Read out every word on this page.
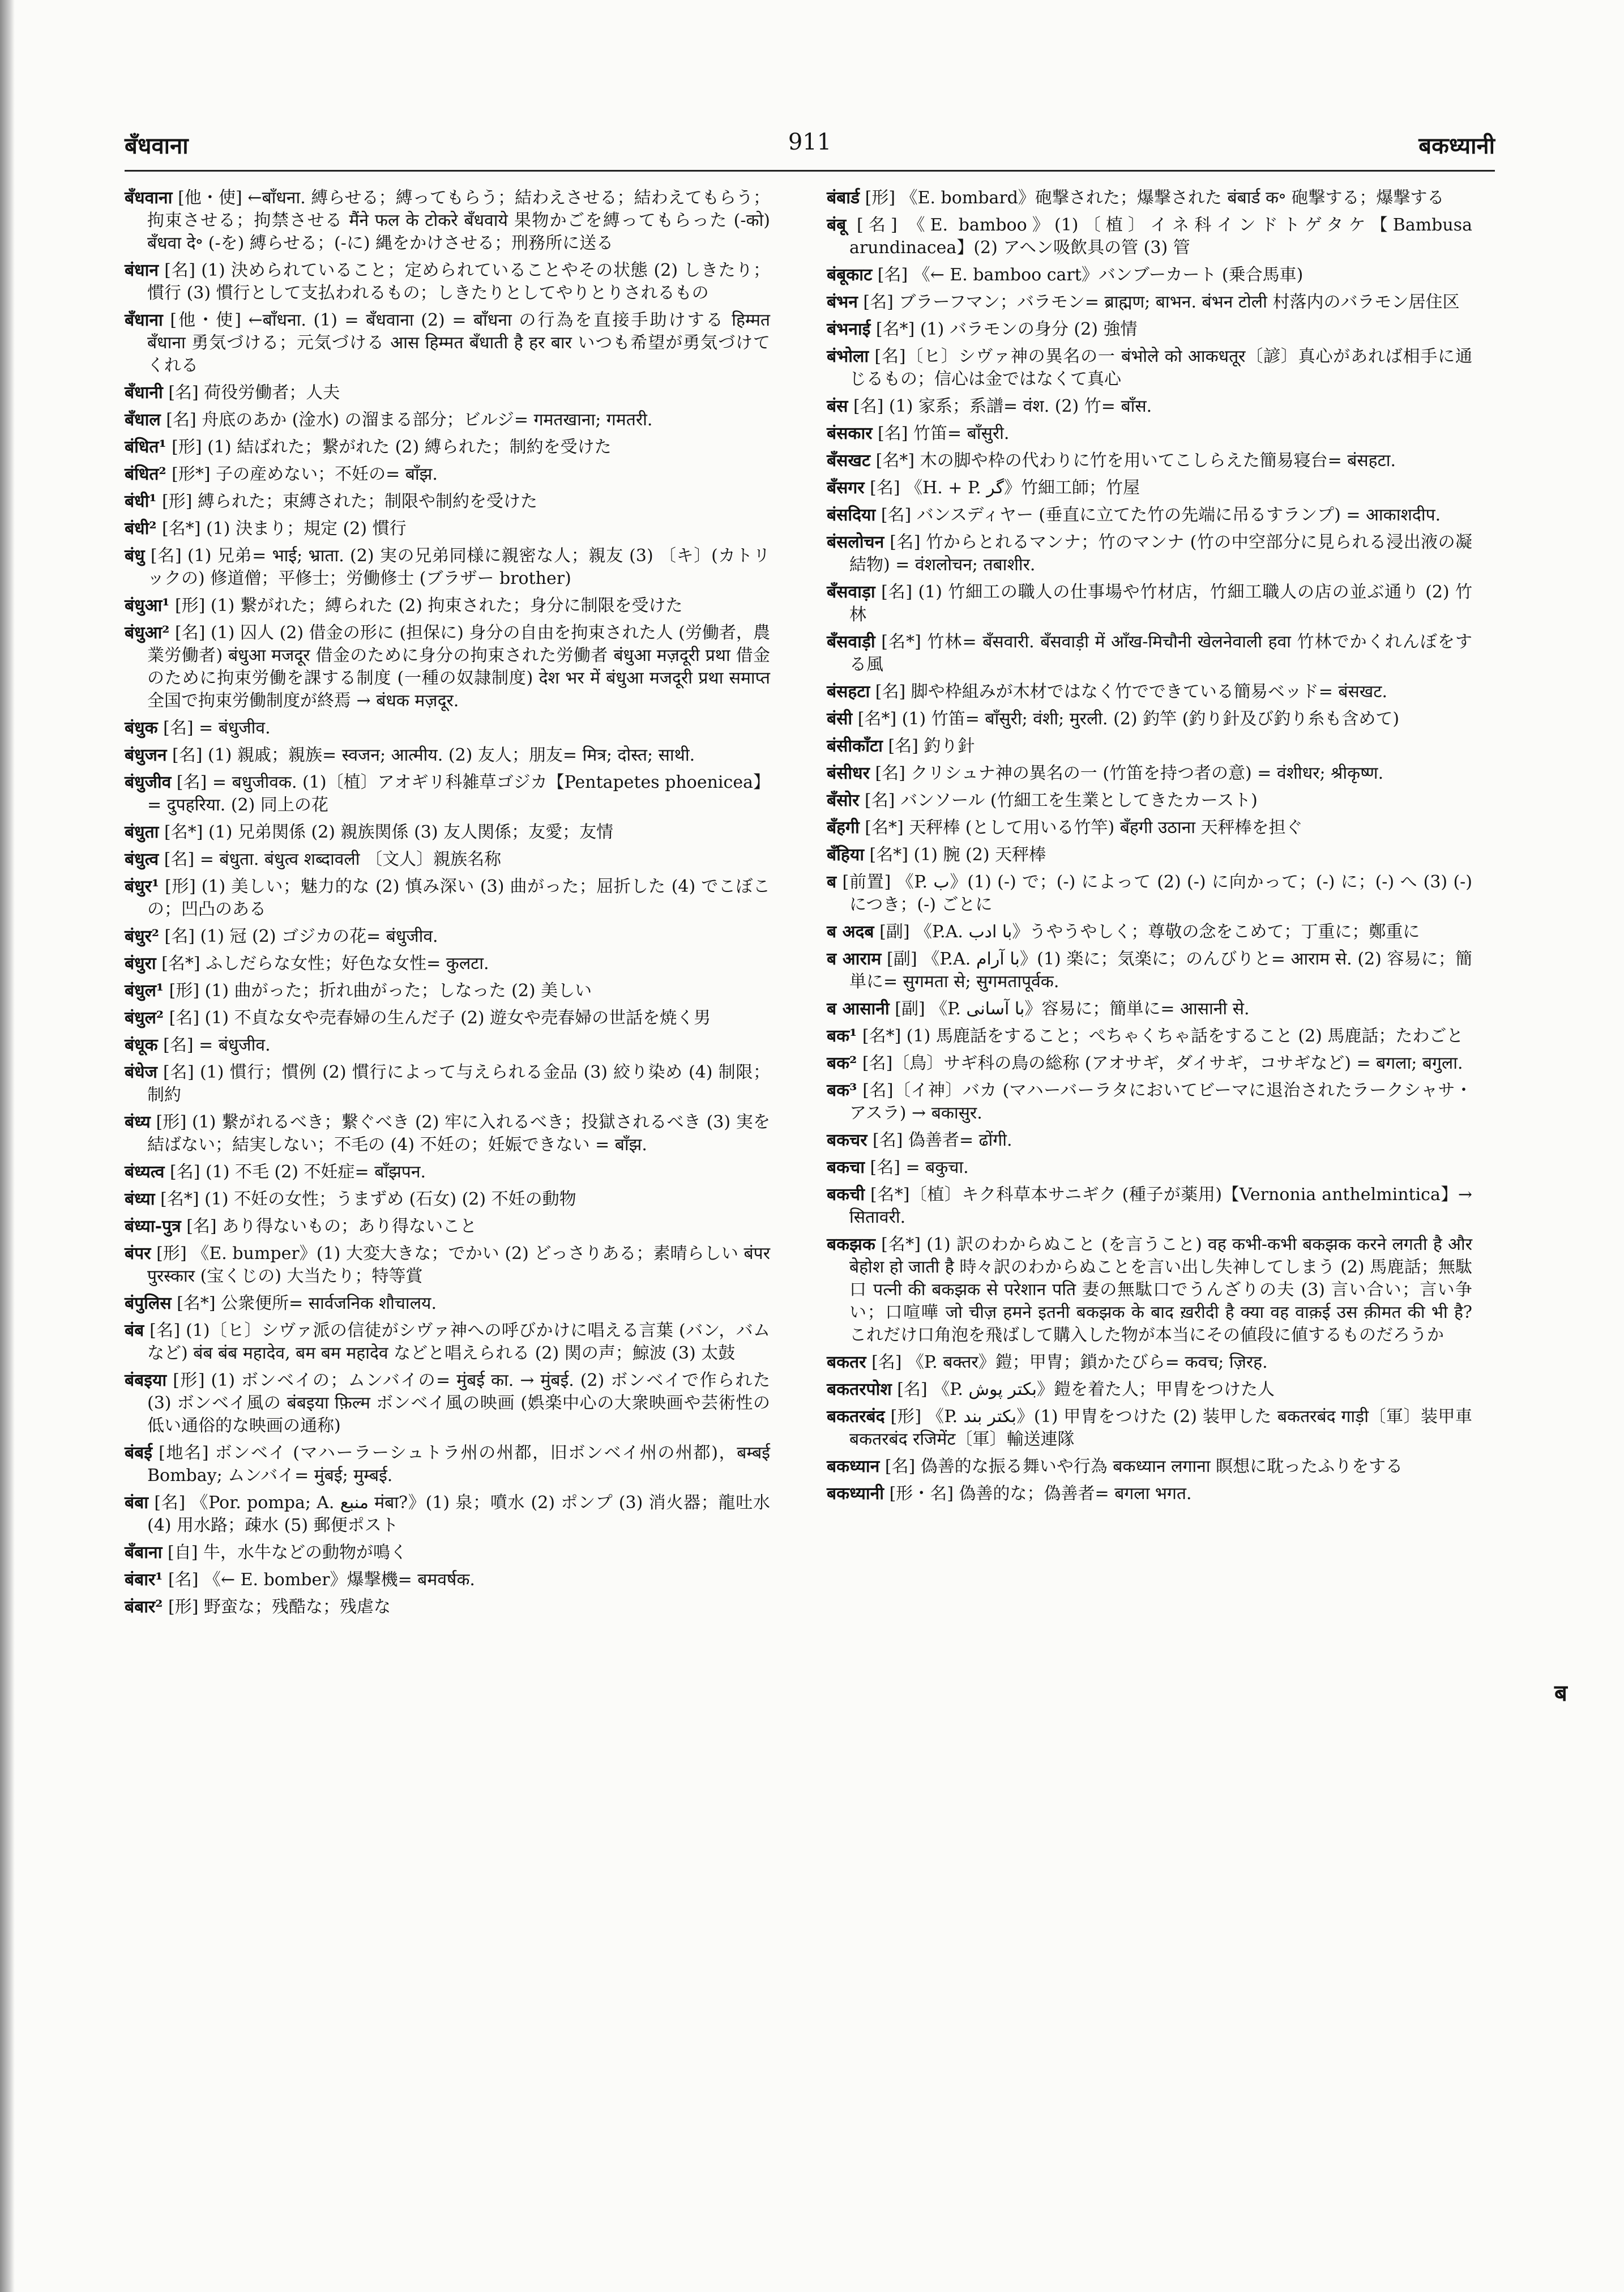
बँधवाना	911	बकध्यानी

बँधवाना [他・使] ←बाँधना. 縛らせる；縛ってもらう；結わえさせる；結わえてもらう；拘束させる；拘禁させる मैंने फल के टोकरे बँधवाये 果物かごを縛ってもらった (-को) बँधवा दे॰ (-を) 縛らせる；(-に) 縄をかけさせる；刑務所に送る

बंधान [名] (1) 決められていること；定められていることやその状態 (2) しきたり；慣行 (3) 慣行として支払われるもの；しきたりとしてやりとりされるもの

बँधाना [他・使] ←बाँधना. (1) = बँधवाना (2) = बाँधना の行為を直接手助けする हिम्मत बँधाना 勇気づける；元気づける आस हिम्मत बँधाती है हर बार いつも希望が勇気づけてくれる

बँधानी [名] 荷役労働者；人夫

बँधाल [名] 舟底のあか (淦水) の溜まる部分；ビルジ= गमतखाना; गमतरी.

बंधित¹ [形] (1) 結ばれた；繋がれた (2) 縛られた；制約を受けた

बंधित² [形*] 子の産めない；不妊の= बाँझ.

बंधी¹ [形] 縛られた；束縛された；制限や制約を受けた

बंधी² [名*] (1) 決まり；規定 (2) 慣行

बंधु [名] (1) 兄弟= भाई; भ्राता. (2) 実の兄弟同様に親密な人；親友 (3) 〔キ〕(カトリックの) 修道僧；平修士；労働修士 (ブラザー brother)

बंधुआ¹ [形] (1) 繋がれた；縛られた (2) 拘束された；身分に制限を受けた

बंधुआ² [名] (1) 囚人 (2) 借金の形に (担保に) 身分の自由を拘束された人 (労働者，農業労働者) बंधुआ मजदूर 借金のために身分の拘束された労働者 बंधुआ मज़दूरी प्रथा 借金のために拘束労働を課する制度 (一種の奴隷制度) देश भर में बंधुआ मजदूरी प्रथा समाप्त 全国で拘束労働制度が終焉 → बंधक मज़दूर.

बंधुक [名] = बंधुजीव.

बंधुजन [名] (1) 親戚；親族= स्वजन; आत्मीय. (2) 友人；朋友= मित्र; दोस्त; साथी.

बंधुजीव [名] = बधुजीवक. (1)〔植〕アオギリ科雑草ゴジカ【Pentapetes phoenicea】= दुपहरिया. (2) 同上の花

बंधुता [名*] (1) 兄弟関係 (2) 親族関係 (3) 友人関係；友愛；友情

बंधुत्व [名] = बंधुता. बंधुत्व शब्दावली 〔文人〕親族名称

बंधुर¹ [形] (1) 美しい；魅力的な (2) 慎み深い (3) 曲がった；屈折した (4) でこぼこの；凹凸のある

बंधुर² [名] (1) 冠 (2) ゴジカの花= बंधुजीव.

बंधुरा [名*] ふしだらな女性；好色な女性= कुलटा.

बंधुल¹ [形] (1) 曲がった；折れ曲がった；しなった (2) 美しい

बंधुल² [名] (1) 不貞な女や売春婦の生んだ子 (2) 遊女や売春婦の世話を焼く男

बंधूक [名] = बंधुजीव.

बंधेज [名] (1) 慣行；慣例 (2) 慣行によって与えられる金品 (3) 絞り染め (4) 制限；制約

बंध्य [形] (1) 繋がれるべき；繋ぐべき (2) 牢に入れるべき；投獄されるべき (3) 実を結ばない；結実しない；不毛の (4) 不妊の；妊娠できない = बाँझ.

बंध्यत्व [名] (1) 不毛 (2) 不妊症= बाँझपन.

बंध्या [名*] (1) 不妊の女性；うまずめ (石女) (2) 不妊の動物

बंध्या-पुत्र [名] あり得ないもの；あり得ないこと

बंपर [形] 《E. bumper》(1) 大変大きな；でかい (2) どっさりある；素晴らしい बंपर पुरस्कार (宝くじの) 大当たり；特等賞

बंपुलिस [名*] 公衆便所= सार्वजनिक शौचालय.

बंब [名] (1)〔ヒ〕シヴァ派の信徒がシヴァ神への呼びかけに唱える言葉 (バン，バムなど) बंब बंब महादेव, बम बम महादेव などと唱えられる (2) 関の声；鯨波 (3) 太鼓

बंबइया [形] (1) ボンベイの；ムンバイの= मुंबई का. → मुंबई. (2) ボンベイで作られた (3) ボンベイ風の बंबइया फ़िल्म ボンベイ風の映画 (娯楽中心の大衆映画や芸術性の低い通俗的な映画の通称)

बंबई [地名] ボンベイ (マハーラーシュトラ州の州都，旧ボンベイ州の州都)，बम्बई Bombay; ムンバイ= मुंबई; मुम्बई.

बंबा [名] 《Por. pompa; A. منبع मंबा?》(1) 泉；噴水 (2) ポンプ (3) 消火器；龍吐水 (4) 用水路；疎水 (5) 郵便ポスト

बँबाना [自] 牛，水牛などの動物が鳴く

बंबार¹ [名] 《← E. bomber》爆撃機= बमवर्षक.

बंबार² [形] 野蛮な；残酷な；残虐な

बंबार्ड [形] 《E. bombard》砲撃された；爆撃された बंबार्ड क॰ 砲撃する；爆撃する

बंबू [名] 《E. bamboo》(1)〔植〕イネ科インドトゲタケ【Bambusa arundinacea】(2) アヘン吸飲具の管 (3) 管

बंबूकाट [名] 《← E. bamboo cart》バンブーカート (乗合馬車)

बंभन [名] ブラーフマン；バラモン= ब्राह्मण; बाभन. बंभन टोली 村落内のバラモン居住区

बंभनाई [名*] (1) バラモンの身分 (2) 強情

बंभोला [名]〔ヒ〕シヴァ神の異名の一 बंभोले को आकधतूर〔諺〕真心があれば相手に通じるもの；信心は金ではなくて真心

बंस [名] (1) 家系；系譜= वंश. (2) 竹= बाँस.

बंसकार [名] 竹笛= बाँसुरी.

बँसखट [名*] 木の脚や枠の代わりに竹を用いてこしらえた簡易寝台= बंसहटा.

बँसगर [名] 《H. + P. گر》竹細工師；竹屋

बंसदिया [名] バンスディヤー (垂直に立てた竹の先端に吊るすランプ) = आकाशदीप.

बंसलोचन [名] 竹からとれるマンナ；竹のマンナ (竹の中空部分に見られる浸出液の凝結物) = वंशलोचन; तबाशीर.

बँसवाड़ा [名] (1) 竹細工の職人の仕事場や竹材店，竹細工職人の店の並ぶ通り (2) 竹林

बँसवाड़ी [名*] 竹林= बँसवारी. बँसवाड़ी में आँख-मिचौनी खेलनेवाली हवा 竹林でかくれんぼをする風

बंसहटा [名] 脚や枠組みが木材ではなく竹でできている簡易ベッド= बंसखट.

बंसी [名*] (1) 竹笛= बाँसुरी; वंशी; मुरली. (2) 釣竿 (釣り針及び釣り糸も含めて)

बंसीकाँटा [名] 釣り針

बंसीधर [名] クリシュナ神の異名の一 (竹笛を持つ者の意) = वंशीधर; श्रीकृष्ण.

बँसोर [名] バンソール (竹細工を生業としてきたカースト)

बँहगी [名*] 天秤棒 (として用いる竹竿) बँहगी उठाना 天秤棒を担ぐ

बँहिया [名*] (1) 腕 (2) 天秤棒

ब [前置] 《P. ب》(1) (-) で；(-) によって (2) (-) に向かって；(-) に；(-) へ (3) (-) につき；(-) ごとに

ब अदब [副] 《P.A. با ادب》うやうやしく；尊敬の念をこめて；丁重に；鄭重に

ब आराम [副] 《P.A. با آرام》(1) 楽に；気楽に；のんびりと= आराम से. (2) 容易に；簡単に= सुगमता से; सुगमतापूर्वक.

ब आसानी [副] 《P. با آسانی》容易に；簡単に= आसानी से.

बक¹ [名*] (1) 馬鹿話をすること；ぺちゃくちゃ話をすること (2) 馬鹿話；たわごと

बक² [名]〔鳥〕サギ科の鳥の総称 (アオサギ，ダイサギ，コサギなど) = बगला; बगुला.

बक³ [名]〔イ神〕バカ (マハーバーラタにおいてビーマに退治されたラークシャサ・アスラ) → बकासुर.

बकचर [名] 偽善者= ढोंगी.

बकचा [名] = बकुचा.

बकची [名*]〔植〕キク科草本サニギク (種子が薬用)【Vernonia anthelmintica】→ सितावरी.

बकझक [名*] (1) 訳のわからぬこと (を言うこと) वह कभी-कभी बकझक करने लगती है और बेहोश हो जाती है 時々訳のわからぬことを言い出し失神してしまう (2) 馬鹿話；無駄口 पत्नी की बकझक से परेशान पति 妻の無駄口でうんざりの夫 (3) 言い合い；言い争い；口喧嘩 जो चीज़ हमने इतनी बकझक के बाद ख़रीदी है क्या वह वाक़ई उस क़ीमत की भी है? これだけ口角泡を飛ばして購入した物が本当にその値段に値するものだろうか

बकतर [名] 《P. बक्तर》鎧；甲冑；鎖かたびら= कवच; ज़िरह.

बकतरपोश [名] 《P. بکتر پوش》鎧を着た人；甲冑をつけた人

बकतरबंद [形] 《P. بکتر بند》(1) 甲冑をつけた (2) 装甲した बकतरबंद गाड़ी〔軍〕装甲車 बकतरबंद रजिमेंट〔軍〕輸送連隊

बकध्यान [名] 偽善的な振る舞いや行為 बकध्यान लगाना 瞑想に耽ったふりをする

बकध्यानी [形・名] 偽善的な；偽善者= बगला भगत.

ब
